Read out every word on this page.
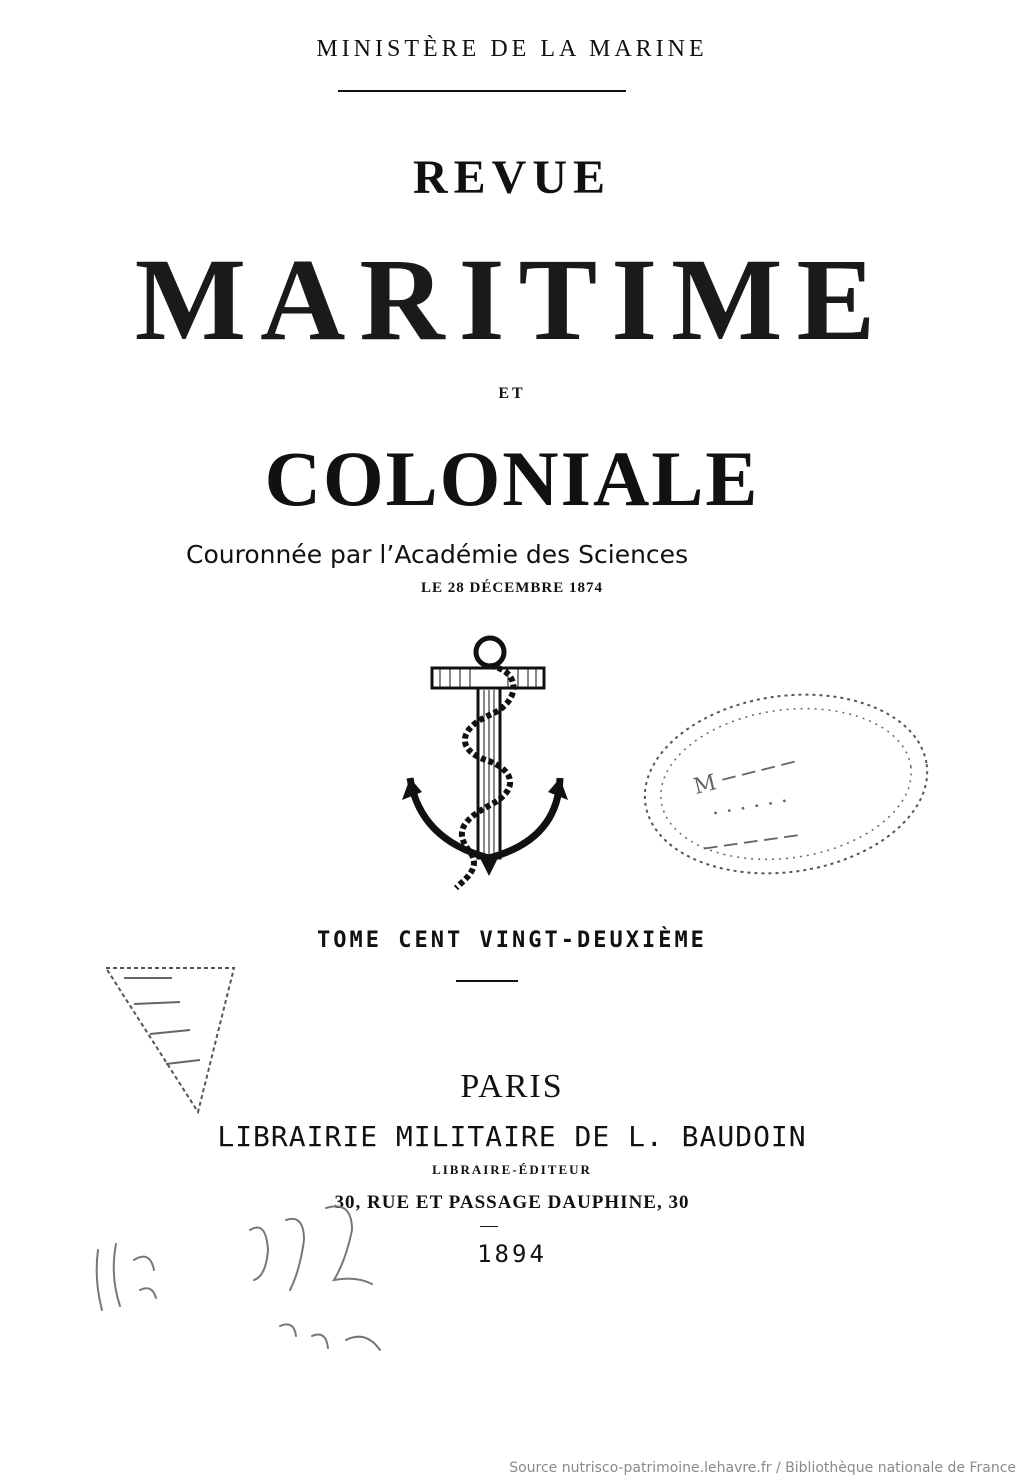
MINISTÈRE DE LA MARINE
REVUE
MARITIME
ET
COLONIALE
Couronnée par l’Académie des Sciences
LE 28 DÉCEMBRE 1874
M ─ ─ ─ ─
· · · · · ·
─ ─ ─ ─ ─
TOME CENT VINGT-DEUXIÈME
PARIS
LIBRAIRIE MILITAIRE DE L. BAUDOIN
LIBRAIRE-ÉDITEUR
30, RUE ET PASSAGE DAUPHINE, 30
1894
Source nutrisco-patrimoine.lehavre.fr / Bibliothèque nationale de France
